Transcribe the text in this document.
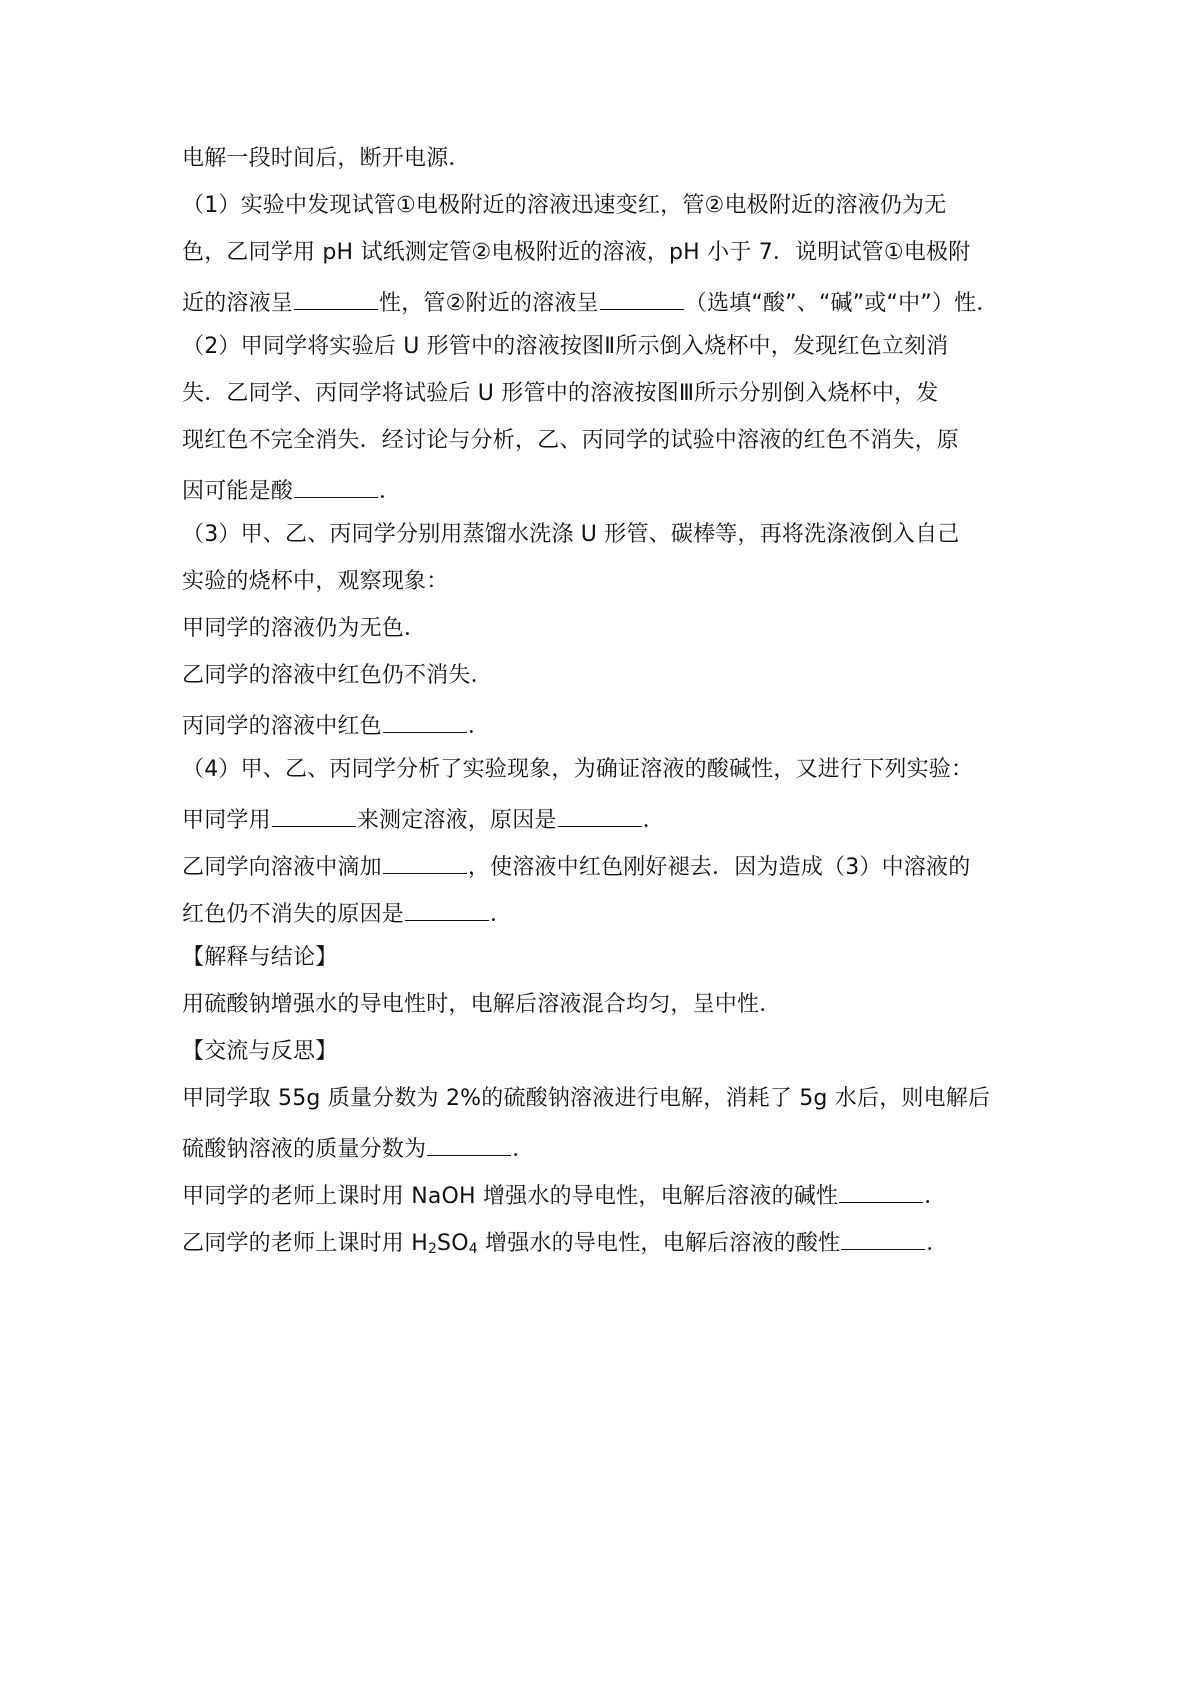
电解一段时间后，断开电源．
（1）实验中发现试管①电极附近的溶液迅速变红，管②电极附近的溶液仍为无
色，乙同学用 pH 试纸测定管②电极附近的溶液，pH 小于 7．说明试管①电极附
近的溶液呈	性，管②附近的溶液呈	（选填“酸”、“碱”或“中”）性．
（2）甲同学将实验后 U 形管中的溶液按图Ⅱ所示倒入烧杯中，发现红色立刻消
失．乙同学、丙同学将试验后 U 形管中的溶液按图Ⅲ所示分别倒入烧杯中，发
现红色不完全消失．经讨论与分析，乙、丙同学的试验中溶液的红色不消失，原
因可能是酸	．
（3）甲、乙、丙同学分别用蒸馏水洗涤 U 形管、碳棒等，再将洗涤液倒入自己
实验的烧杯中，观察现象：
甲同学的溶液仍为无色．
乙同学的溶液中红色仍不消失．
丙同学的溶液中红色	．
（4）甲、乙、丙同学分析了实验现象，为确证溶液的酸碱性，又进行下列实验：
甲同学用	来测定溶液，原因是	．
乙同学向溶液中滴加	，使溶液中红色刚好褪去．因为造成（3）中溶液的
红色仍不消失的原因是	．
【解释与结论】
用硫酸钠增强水的导电性时，电解后溶液混合均匀，呈中性．
【交流与反思】
甲同学取 55g 质量分数为 2%的硫酸钠溶液进行电解，消耗了 5g 水后，则电解后
硫酸钠溶液的质量分数为	．
甲同学的老师上课时用 NaOH 增强水的导电性，电解后溶液的碱性	．
乙同学的老师上课时用 $H_2SO_4$ 增强水的导电性，电解后溶液的酸性	．
